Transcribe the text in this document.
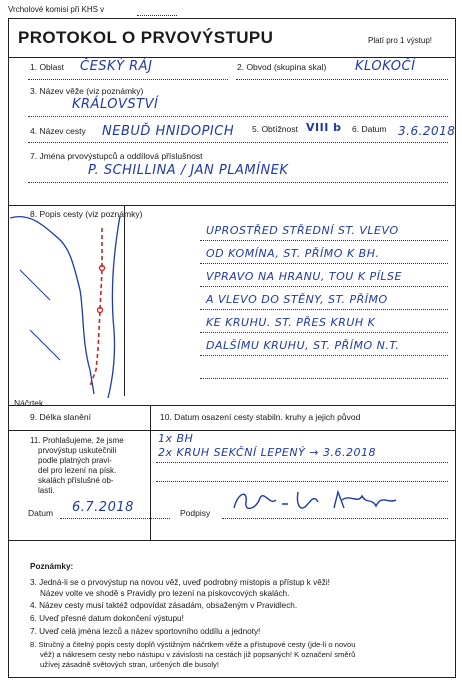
Vrcholové komisi při KHS v
PROTOKOL O PRVOVÝSTUPU	Platí pro 1 výstup!
1. Oblast ČESKÝ RÁJ	2. Obvod (skupina skal) KLOKOČÍ
3. Název věže (viz poznámky)
KRÁLOVSTVÍ
4. Název cesty NEBUĎ HNIDOPICH 5. Obtížnost VIII b 6. Datum 3.6.2018
7. Jména prvovýstupců a oddílová příslušnost
P. SCHILLINA / JAN PLAMÍNEK
8. Popis cesty (viz poznámky)
UPROSTŘED STŘEDNÍ ST. VLEVO
OD KOMÍNA, ST. PŘÍMO K BH.
VPRAVO NA HRANU, TOU K PÍLSE
A VLEVO DO STĚNY, ST. PŘÍMO
KE KRUHU. ST. PŘES KRUH K
DALŠÍMU KRUHU, ST. PŘÍMO N.T.
Náčrtek
9. Délka slanění	10. Datum osazení cesty stabiln. kruhy a jejich původ
11. Prohlašujeme, že jsme
prvovýstup uskutečnili
podle platných pravi-
del pro lezení na písk.
skalách příslušné ob-
lasti.
1x BH
2x KRUH SEKČNÍ LEPENÝ → 3.6.2018
Datum 6.7.2018	Podpisy
Poznámky:
3. Jedná-li se o prvovýstup na novou věž, uveď podrobný místopis a přístup k věži!
Název volte ve shodě s Pravidly pro lezení na pískovcových skalách.
4. Název cesty musí taktéž odpovídat zásadám, obsaženým v Pravidlech.
6. Uveď přesné datum dokončení výstupu!
7. Uveď celá jména lezců a název sportovního oddílu a jednoty!
8. Stručný a čitelný popis cesty doplň výstižným náčrtkem věže a přístupové cesty (jde-li o novou
věž) a nákresem cesty nebo nástupu v závislosti na cestách již popsaných! K označení směrů
užívej zásadně světových stran, určených dle busoly!
